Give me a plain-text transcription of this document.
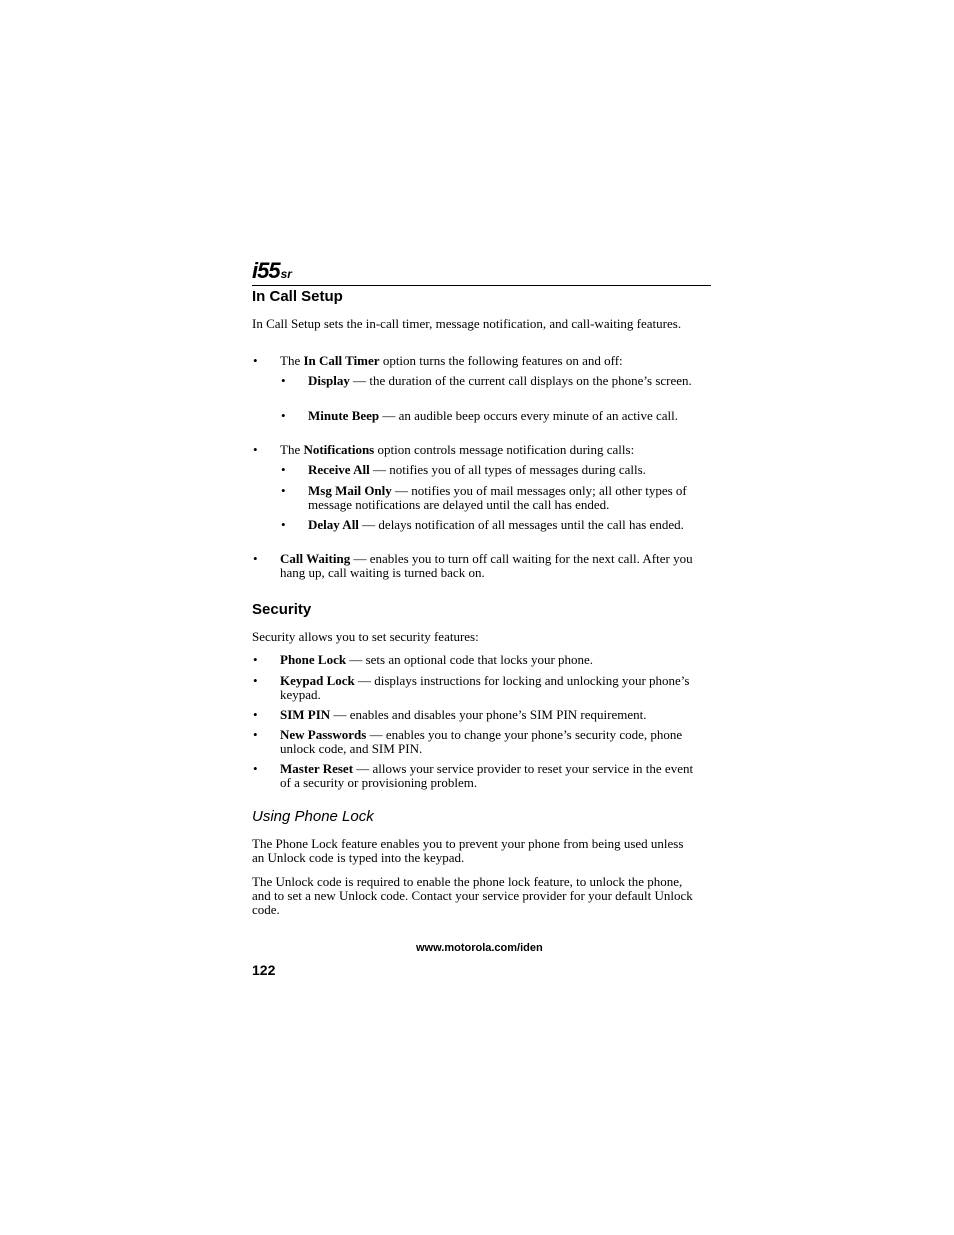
i55sr
In Call Setup
In Call Setup sets the in-call timer, message notification, and call-waiting features.
• The In Call Timer option turns the following features on and off:
• Display — the duration of the current call displays on the phone’s screen.
• Minute Beep — an audible beep occurs every minute of an active call.
• The Notifications option controls message notification during calls:
• Receive All — notifies you of all types of messages during calls.
• Msg Mail Only — notifies you of mail messages only; all other types of message notifications are delayed until the call has ended.
• Delay All — delays notification of all messages until the call has ended.
• Call Waiting — enables you to turn off call waiting for the next call. After you hang up, call waiting is turned back on.
Security
Security allows you to set security features:
• Phone Lock — sets an optional code that locks your phone.
• Keypad Lock — displays instructions for locking and unlocking your phone’s keypad.
• SIM PIN — enables and disables your phone’s SIM PIN requirement.
• New Passwords — enables you to change your phone’s security code, phone unlock code, and SIM PIN.
• Master Reset — allows your service provider to reset your service in the event of a security or provisioning problem.
Using Phone Lock
The Phone Lock feature enables you to prevent your phone from being used unless an Unlock code is typed into the keypad.
The Unlock code is required to enable the phone lock feature, to unlock the phone, and to set a new Unlock code. Contact your service provider for your default Unlock code.
www.motorola.com/iden
122
